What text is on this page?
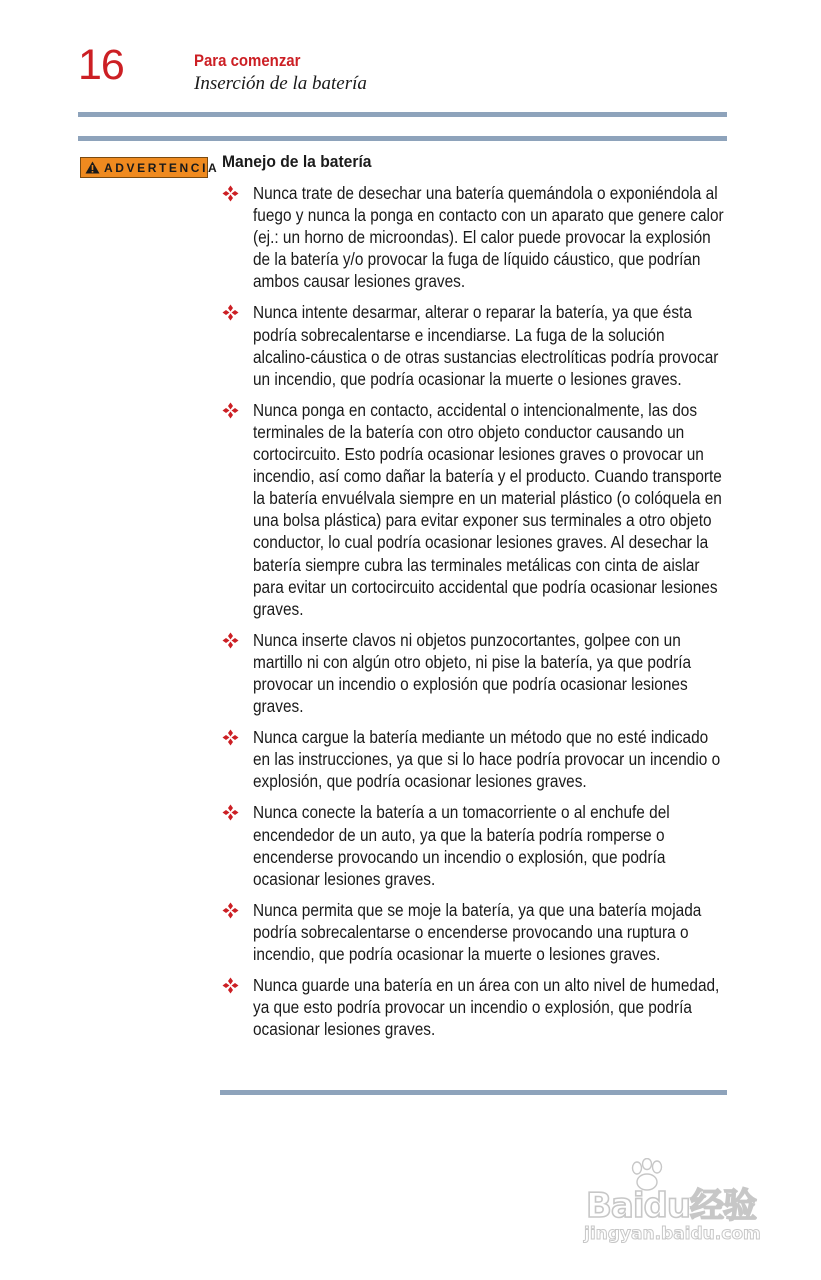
16	Para comenzar
Inserción de la batería
ADVERTENCIA Manejo de la batería
Nunca trate de desechar una batería quemándola o exponiéndola al fuego y nunca la ponga en contacto con un aparato que genere calor (ej.: un horno de microondas). El calor puede provocar la explosión de la batería y/o provocar la fuga de líquido cáustico, que podrían ambos causar lesiones graves.
Nunca intente desarmar, alterar o reparar la batería, ya que ésta podría sobrecalentarse e incendiarse. La fuga de la solución alcalino-cáustica o de otras sustancias electrolíticas podría provocar un incendio, que podría ocasionar la muerte o lesiones graves.
Nunca ponga en contacto, accidental o intencionalmente, las dos terminales de la batería con otro objeto conductor causando un cortocircuito. Esto podría ocasionar lesiones graves o provocar un incendio, así como dañar la batería y el producto. Cuando transporte la batería envuélvala siempre en un material plástico (o colóquela en una bolsa plástica) para evitar exponer sus terminales a otro objeto conductor, lo cual podría ocasionar lesiones graves. Al desechar la batería siempre cubra las terminales metálicas con cinta de aislar para evitar un cortocircuito accidental que podría ocasionar lesiones graves.
Nunca inserte clavos ni objetos punzocortantes, golpee con un martillo ni con algún otro objeto, ni pise la batería, ya que podría provocar un incendio o explosión que podría ocasionar lesiones graves.
Nunca cargue la batería mediante un método que no esté indicado en las instrucciones, ya que si lo hace podría provocar un incendio o explosión, que podría ocasionar lesiones graves.
Nunca conecte la batería a un tomacorriente o al enchufe del encendedor de un auto, ya que la batería podría romperse o encenderse provocando un incendio o explosión, que podría ocasionar lesiones graves.
Nunca permita que se moje la batería, ya que una batería mojada podría sobrecalentarse o encenderse provocando una ruptura o incendio, que podría ocasionar la muerte o lesiones graves.
Nunca guarde una batería en un área con un alto nivel de humedad, ya que esto podría provocar un incendio o explosión, que podría ocasionar lesiones graves.
Baidu经验
jingyan.baidu.com
